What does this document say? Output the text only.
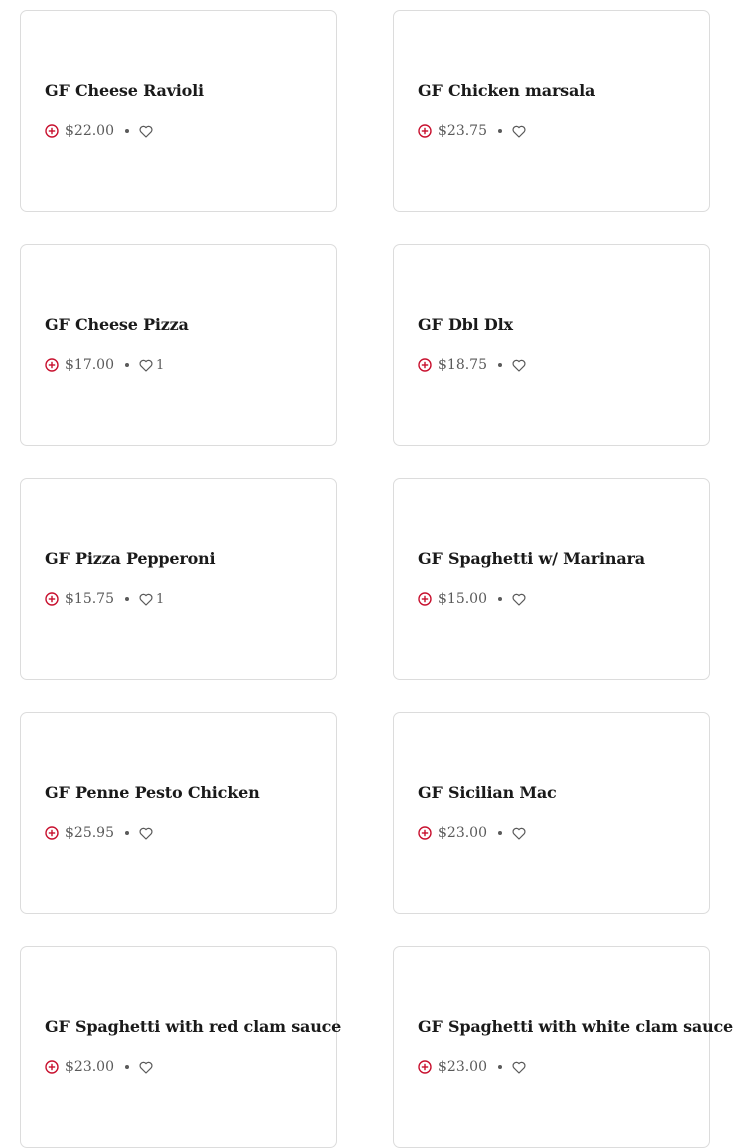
GF Cheese Ravioli
$22.00
GF Chicken marsala
$23.75
GF Cheese Pizza
$17.00	1
GF Dbl Dlx
$18.75
GF Pizza Pepperoni
$15.75	1
GF Spaghetti w/ Marinara
$15.00
GF Penne Pesto Chicken
$25.95
GF Sicilian Mac
$23.00
GF Spaghetti with red clam sauce
$23.00
GF Spaghetti with white clam sauce
$23.00
